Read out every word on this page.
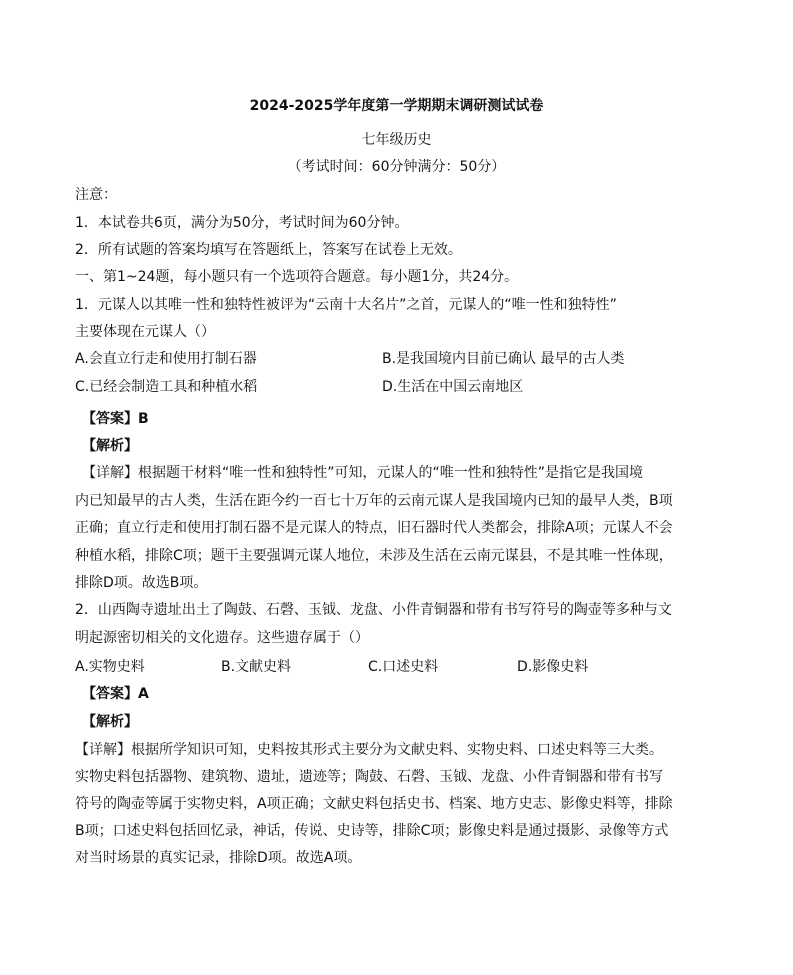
2024-2025学年度第一学期期末调研测试试卷
七年级历史
（考试时间：60分钟满分：50分）
注意：
1．本试卷共6页，满分为50分，考试时间为60分钟。
2．所有试题的答案均填写在答题纸上，答案写在试卷上无效。
一、第1~24题，每小题只有一个选项符合题意。每小题1分，共24分。
1．元谋人以其唯一性和独特性被评为“云南十大名片”之首，元谋人的“唯一性和独特性”
主要体现在元谋人（）
A.会直立行走和使用打制石器	B.是我国境内目前已确认 最早的古人类
C.已经会制造工具和种植水稻	D.生活在中国云南地区
【答案】B
【解析】
【详解】根据题干材料“唯一性和独特性”可知，元谋人的“唯一性和独特性”是指它是我国境
内已知最早的古人类，生活在距今约一百七十万年的云南元谋人是我国境内已知的最早人类，B项
正确；直立行走和使用打制石器不是元谋人的特点，旧石器时代人类都会，排除A项；元谋人不会
种植水稻，排除C项；题干主要强调元谋人地位，未涉及生活在云南元谋县，不是其唯一性体现，
排除D项。故选B项。
2．山西陶寺遗址出土了陶鼓、石磬、玉钺、龙盘、小件青铜器和带有书写符号的陶壶等多种与文
明起源密切相关的文化遗存。这些遗存属于（）
A.实物史料	B.文献史料	C.口述史料	D.影像史料
【答案】A
【解析】
【详解】根据所学知识可知，史料按其形式主要分为文献史料、实物史料、口述史料等三大类。
实物史料包括器物、建筑物、遗址，遗迹等；陶鼓、石磬、玉钺、龙盘、小件青铜器和带有书写
符号的陶壶等属于实物史料，A项正确；文献史料包括史书、档案、地方史志、影像史料等，排除
B项；口述史料包括回忆录，神话，传说、史诗等，排除C项；影像史料是通过摄影、录像等方式
对当时场景的真实记录，排除D项。故选A项。
